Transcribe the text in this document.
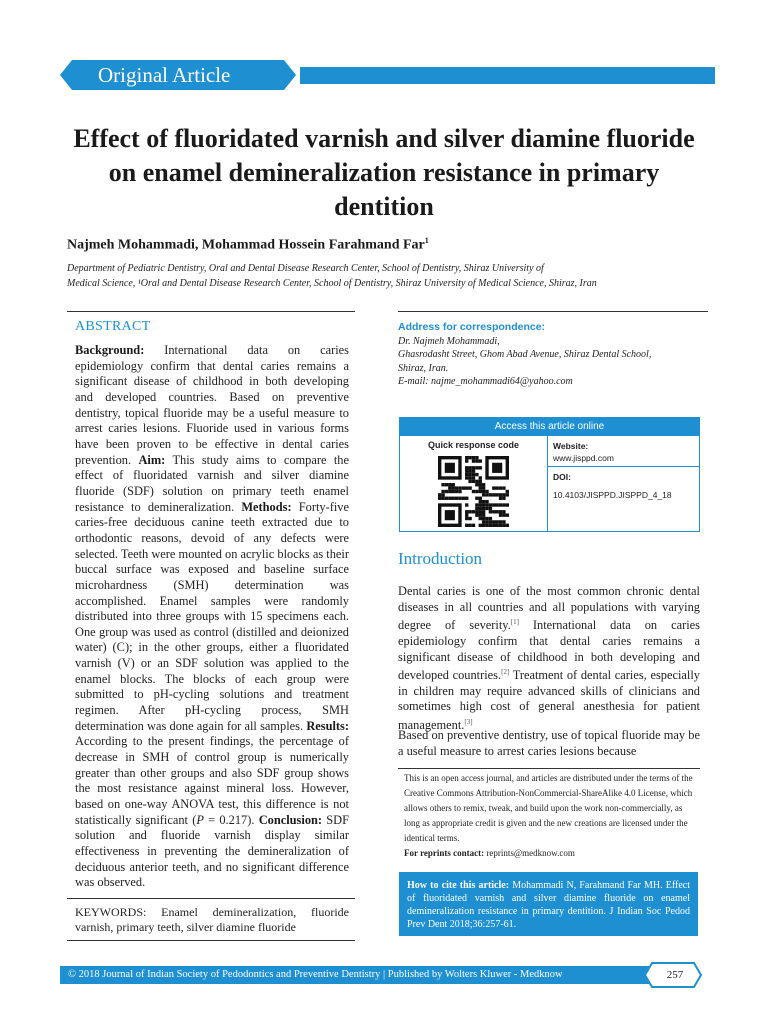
Original Article
Effect of fluoridated varnish and silver diamine fluoride on enamel demineralization resistance in primary dentition
Najmeh Mohammadi, Mohammad Hossein Farahmand Far$^1$

Department of Pediatric Dentistry, Oral and Dental Disease Research Center, School of Dentistry, Shiraz University of

Medical Science, ¹Oral and Dental Disease Research Center, School of Dentistry, Shiraz University of Medical Science, Shiraz, Iran

ABSTRACT
Background: International data on caries epidemiology confirm that dental caries remains a significant disease of childhood in both developing and developed countries. Based on preventive dentistry, topical fluoride may be a useful measure to arrest caries lesions. Fluoride used in various forms have been proven to be effective in dental caries prevention. Aim: This study aims to compare the effect of fluoridated varnish and silver diamine fluoride (SDF) solution on primary teeth enamel resistance to demineralization. Methods: Forty-five caries-free deciduous canine teeth extracted due to orthodontic reasons, devoid of any defects were selected. Teeth were mounted on acrylic blocks as their buccal surface was exposed and baseline surface microhardness (SMH) determination was accomplished. Enamel samples were randomly distributed into three groups with 15 specimens each. One group was used as control (distilled and deionized water) (C); in the other groups, either a fluoridated varnish (V) or an SDF solution was applied to the enamel blocks. The blocks of each group were submitted to pH-cycling solutions and treatment regimen. After pH-cycling process, SMH determination was done again for all samples. Results: According to the present findings, the percentage of decrease in SMH of control group is numerically greater than other groups and also SDF group shows the most resistance against mineral loss. However, based on one-way ANOVA test, this difference is not statistically significant (P = 0.217). Conclusion: SDF solution and fluoride varnish display similar effectiveness in preventing the demineralization of deciduous anterior teeth, and no significant difference was observed.
KEYWORDS: Enamel demineralization, fluoride varnish, primary teeth, silver diamine fluoride
Address for correspondence:
Dr. Najmeh Mohammadi,
Ghasrodasht Street, Ghom Abad Avenue, Shiraz Dental School,
Shiraz, Iran.
E-mail: najme_mohammadi64@yahoo.com
Access this article online
Quick response code	Website:
www.jisppd.com
DOI:
10.4103/JISPPD.JISPPD_4_18
Introduction

Dental caries is one of the most common chronic dental diseases in all countries and all populations with varying degree of severity.[1] International data on caries epidemiology confirm that dental caries remains a significant disease of childhood in both developing and developed countries.[2] Treatment of dental caries, especially in children may require advanced skills of clinicians and sometimes high cost of general anesthesia for patient management.[3]

Based on preventive dentistry, use of topical fluoride may be a useful measure to arrest caries lesions because

This is an open access journal, and articles are distributed under the terms of the Creative Commons Attribution-NonCommercial-ShareAlike 4.0 License, which allows others to remix, tweak, and build upon the work non-commercially, as long as appropriate credit is given and the new creations are licensed under the identical terms.

For reprints contact: reprints@medknow.com
How to cite this article: Mohammadi N, Farahmand Far MH. Effect of fluoridated varnish and silver diamine fluoride on enamel demineralization resistance in primary dentition. J Indian Soc Pedod Prev Dent 2018;36:257-61.
© 2018 Journal of Indian Society of Pedodontics and Preventive Dentistry | Published by Wolters Kluwer - Medknow	257
